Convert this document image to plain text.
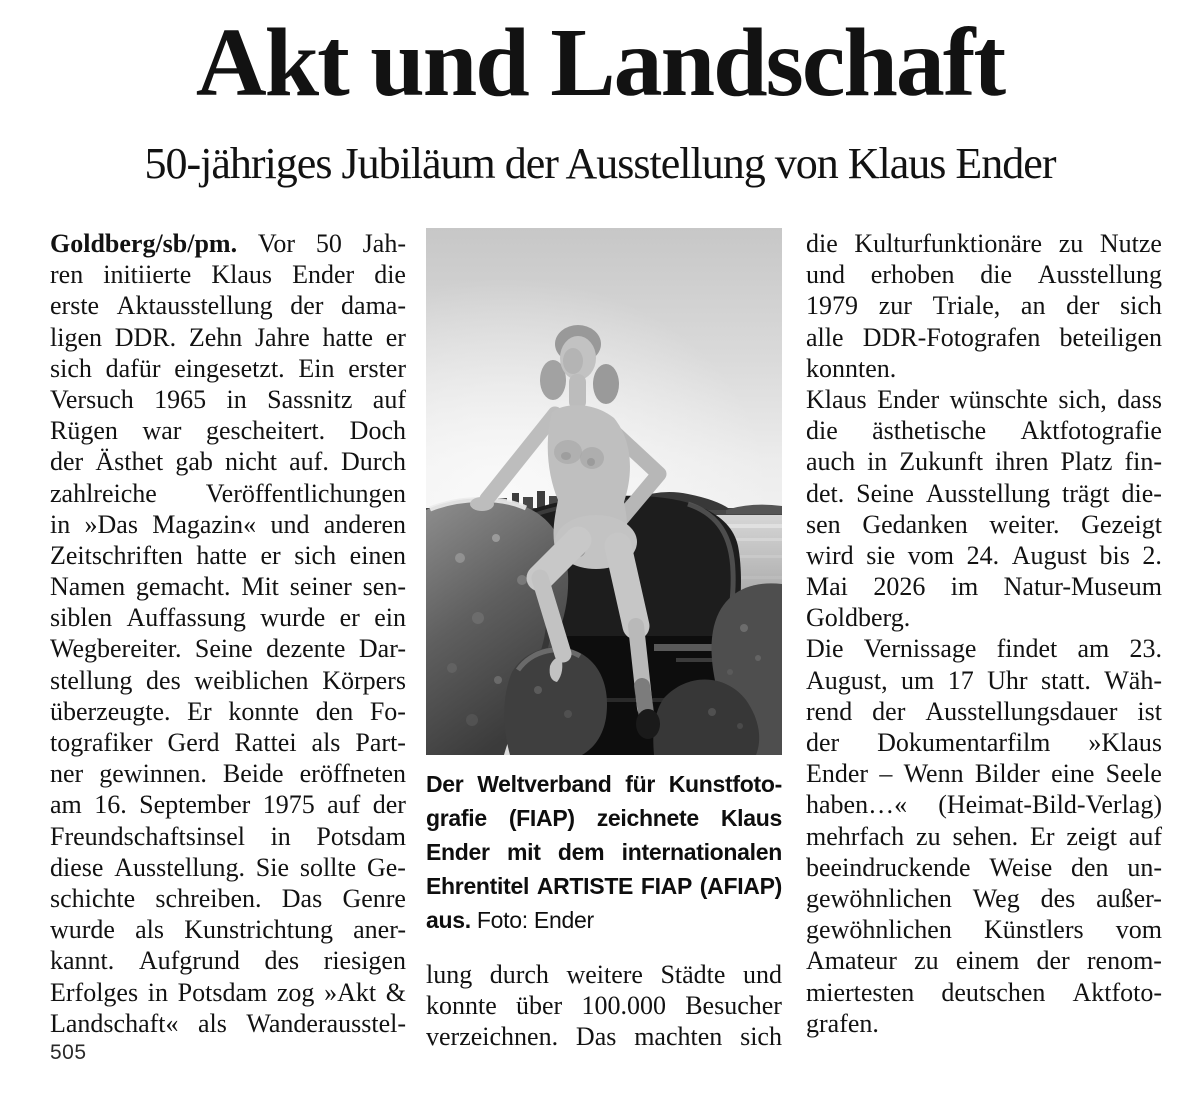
Akt und Landschaft
50-jähriges Jubiläum der Ausstellung von Klaus Ender
Goldberg/sb/pm. Vor 50 Jah-
ren initiierte Klaus Ender die
erste Aktausstellung der dama-
ligen DDR. Zehn Jahre hatte er
sich dafür eingesetzt. Ein erster
Versuch 1965 in Sassnitz auf
Rügen war gescheitert. Doch
der Ästhet gab nicht auf. Durch
zahlreiche Veröffentlichungen
in »Das Magazin« und anderen
Zeitschriften hatte er sich einen
Namen gemacht. Mit seiner sen-
siblen Auffassung wurde er ein
Wegbereiter. Seine dezente Dar-
stellung des weiblichen Körpers
überzeugte. Er konnte den Fo-
tografiker Gerd Rattei als Part-
ner gewinnen. Beide eröffneten
am 16. September 1975 auf der
Freundschaftsinsel in Potsdam
diese Ausstellung. Sie sollte Ge-
schichte schreiben. Das Genre
wurde als Kunstrichtung aner-
kannt. Aufgrund des riesigen
Erfolges in Potsdam zog »Akt &
Landschaft« als Wanderausstel-
Der Weltverband für Kunstfoto-
grafie (FIAP) zeichnete Klaus
Ender mit dem internationalen
Ehrentitel ARTISTE FIAP (AFIAP)
aus. Foto: Ender
lung durch weitere Städte und
konnte über 100.000 Besucher
verzeichnen. Das machten sich
die Kulturfunktionäre zu Nutze
und erhoben die Ausstellung
1979 zur Triale, an der sich
alle DDR-Fotografen beteiligen
konnten.
Klaus Ender wünschte sich, dass
die ästhetische Aktfotografie
auch in Zukunft ihren Platz fin-
det. Seine Ausstellung trägt die-
sen Gedanken weiter. Gezeigt
wird sie vom 24. August bis 2.
Mai 2026 im Natur-Museum
Goldberg.
Die Vernissage findet am 23.
August, um 17 Uhr statt. Wäh-
rend der Ausstellungsdauer ist
der Dokumentarfilm »Klaus
Ender – Wenn Bilder eine Seele
haben…« (Heimat-Bild-Verlag)
mehrfach zu sehen. Er zeigt auf
beeindruckende Weise den un-
gewöhnlichen Weg des außer-
gewöhnlichen Künstlers vom
Amateur zu einem der renom-
miertesten deutschen Aktfoto-
grafen.
505
